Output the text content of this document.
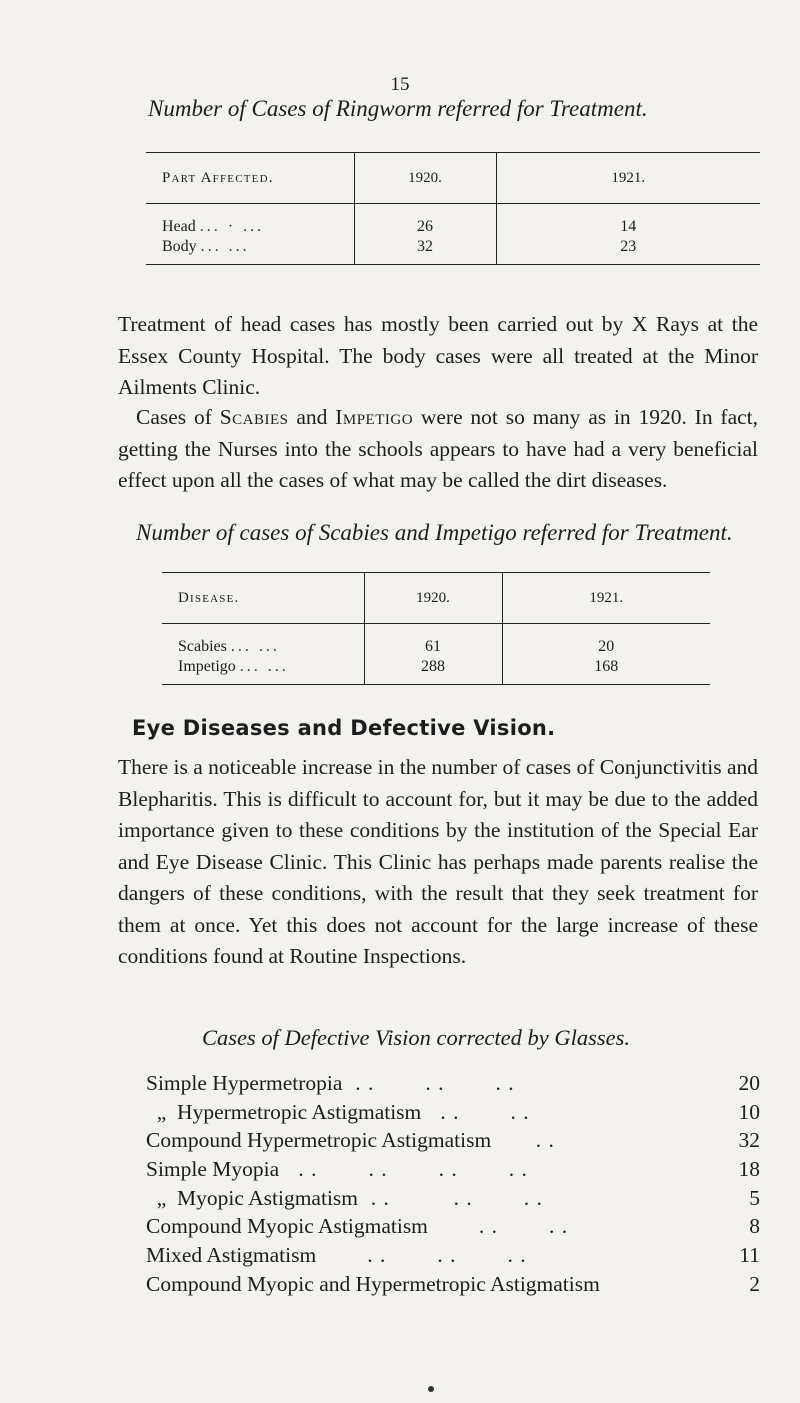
15
Number of Cases of Ringworm referred for Treatment.
Part Affected.	1920.	1921.

Head ... · ...	26	14
Body ... ...	32	23

Treatment of head cases has mostly been carried out by X Rays at the Essex County Hospital. The body cases were all treated at the Minor Ailments Clinic.

Cases of Scabies and Impetigo were not so many as in 1920. In fact, getting the Nurses into the schools appears to have had a very beneficial effect upon all the cases of what may be called the dirt diseases.

Number of cases of Scabies and Impetigo referred for Treatment.
Disease.	1920.	1921.

Scabies ... ...	61	20
Impetigo ... ...	288	168
Eye Diseases and Defective Vision.

There is a noticeable increase in the number of cases of Conjunctivitis and Blepharitis. This is difficult to account for, but it may be due to the added importance given to these conditions by the institution of the Special Ear and Eye Disease Clinic. This Clinic has perhaps made parents realise the dangers of these conditions, with the result that they seek treatment for them at once. Yet this does not account for the large increase of these conditions found at Routine Inspections.

Cases of Defective Vision corrected by Glasses.
Simple Hypermetropia  . .        . .        . .	20
„  Hypermetropic Astigmatism   . .        . .	10
Compound Hypermetropic Astigmatism       . .	32
Simple Myopia   . .        . .        . .        . .	18
„  Myopic Astigmatism  . .          . .        . .	5
Compound Myopic Astigmatism        . .        . .	8
Mixed Astigmatism        . .        . .        . .	11
Compound Myopic and Hypermetropic Astigmatism	2
